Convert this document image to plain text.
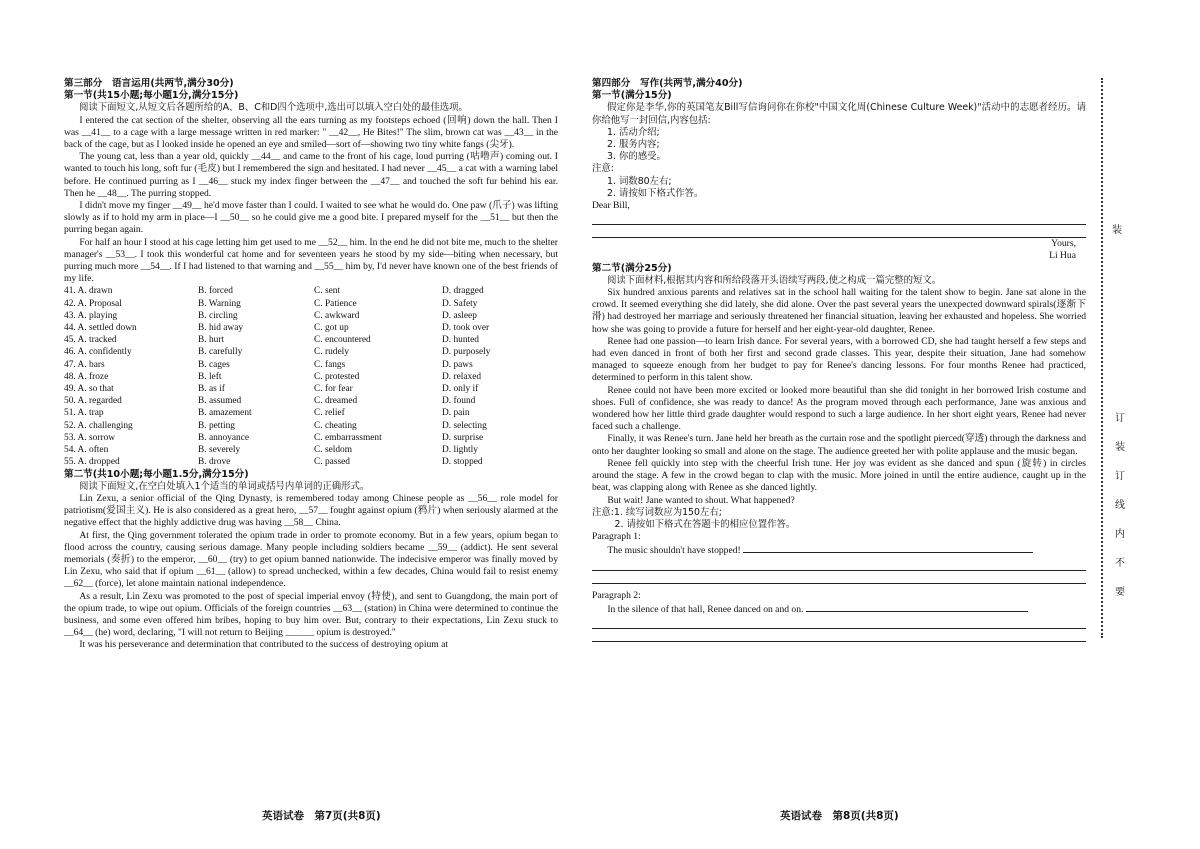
第三部分　语言运用(共两节,满分30分)

第一节(共15小题;每小题1分,满分15分)

阅读下面短文,从短文后各题所给的A、B、C和D四个选项中,选出可以填入空白处的最佳选项。

I entered the cat section of the shelter, observing all the ears turning as my footsteps echoed (回响) down the hall. Then I was __41__ to a cage with a large message written in red marker: " __42__, He Bites!" The slim, brown cat was __43__ in the back of the cage, but as I looked inside he opened an eye and smiled—sort of—showing two tiny white fangs (尖牙).

The young cat, less than a year old, quickly __44__ and came to the front of his cage, loud purring (咕噜声) coming out. I wanted to touch his long, soft fur (毛皮) but I remembered the sign and hesitated. I had never __45__ a cat with a warning label before. He continued purring as I __46__ stuck my index finger between the __47__ and touched the soft fur behind his ear. Then he __48__. The purring stopped.

I didn't move my finger __49__ he'd move faster than I could. I waited to see what he would do. One paw (爪子) was lifting slowly as if to hold my arm in place—I __50__ so he could give me a good bite. I prepared myself for the __51__ but then the purring began again.

For half an hour I stood at his cage letting him get used to me __52__ him. In the end he did not bite me, much to the shelter manager's __53__. I took this wonderful cat home and for seventeen years he stood by my side—biting when necessary, but purring much more __54__. If I had listened to that warning and __55__ him by, I'd never have known one of the best friends of my life.

41. A. drawn	B. forced	C. sent	D. dragged
42. A. Proposal	B. Warning	C. Patience	D. Safety
43. A. playing	B. circling	C. awkward	D. asleep
44. A. settled down	B. hid away	C. got up	D. took over
45. A. tracked	B. hurt	C. encountered	D. hunted
46. A. confidently	B. carefully	C. rudely	D. purposely
47. A. bars	B. cages	C. fangs	D. paws
48. A. froze	B. left	C. protested	D. relaxed
49. A. so that	B. as if	C. for fear	D. only if
50. A. regarded	B. assumed	C. dreamed	D. found
51. A. trap	B. amazement	C. relief	D. pain
52. A. challenging	B. petting	C. cheating	D. selecting
53. A. sorrow	B. annoyance	C. embarrassment	D. surprise
54. A. often	B. severely	C. seldom	D. lightly
55. A. dropped	B. drove	C. passed	D. stopped

第二节(共10小题;每小题1.5分,满分15分)

阅读下面短文,在空白处填入1个适当的单词或括号内单词的正确形式。

Lin Zexu, a senior official of the Qing Dynasty, is remembered today among Chinese people as __56__ role model for patriotism(爱国主义). He is also considered as a great hero, __57__ fought against opium (鸦片) when seriously alarmed at the negative effect that the highly addictive drug was having __58__ China.

At first, the Qing government tolerated the opium trade in order to promote economy. But in a few years, opium began to flood across the country, causing serious damage. Many people including soldiers became __59__ (addict). He sent several memorials (奏折) to the emperor, __60__ (try) to get opium banned nationwide. The indecisive emperor was finally moved by Lin Zexu, who said that if opium __61__ (allow) to spread unchecked, within a few decades, China would fail to resist enemy __62__ (force), let alone maintain national independence.

As a result, Lin Zexu was promoted to the post of special imperial envoy (特使), and sent to Guangdong, the main port of the opium trade, to wipe out opium. Officials of the foreign countries __63__ (station) in China were determined to continue the business, and some even offered him bribes, hoping to buy him over. But, contrary to their expectations, Lin Zexu stuck to __64__ (he) word, declaring, "I will not return to Beijing ______ opium is destroyed."

It was his perseverance and determination that contributed to the success of destroying opium at

英语试卷　第7页(共8页)

第四部分　写作(共两节,满分40分)

第一节(满分15分)

假定你是李华,你的英国笔友Bill写信询问你在你校"中国文化周(Chinese Culture Week)"活动中的志愿者经历。请你给他写一封回信,内容包括:

1. 活动介绍;

2. 服务内容;

3. 你的感受。

注意:

1. 词数80左右;

2. 请按如下格式作答。

Dear Bill,

Yours,

Li Hua

第二节(满分25分)

阅读下面材料,根据其内容和所给段落开头语续写两段,使之构成一篇完整的短文。

Six hundred anxious parents and relatives sat in the school hall waiting for the talent show to begin. Jane sat alone in the crowd. It seemed everything she did lately, she did alone. Over the past several years the unexpected downward spirals(逐渐下滑) had destroyed her marriage and seriously threatened her financial situation, leaving her exhausted and hopeless. She worried how she was going to provide a future for herself and her eight-year-old daughter, Renee.

Renee had one passion—to learn Irish dance. For several years, with a borrowed CD, she had taught herself a few steps and had even danced in front of both her first and second grade classes. This year, despite their situation, Jane had somehow managed to squeeze enough from her budget to pay for Renee's dancing lessons. For four months Renee had practiced, determined to perform in this talent show.

Renee could not have been more excited or looked more beautiful than she did tonight in her borrowed Irish costume and shoes. Full of confidence, she was ready to dance! As the program moved through each performance, Jane was anxious and wondered how her little third grade daughter would respond to such a large audience. In her short eight years, Renee had never faced such a challenge.

Finally, it was Renee's turn. Jane held her breath as the curtain rose and the spotlight pierced(穿透) through the darkness and onto her daughter looking so small and alone on the stage. The audience greeted her with polite applause and the music began.

Renee fell quickly into step with the cheerful Irish tune. Her joy was evident as she danced and spun (旋转) in circles around the stage. A few in the crowd began to clap with the music. More joined in until the entire audience, caught up in the beat, was clapping along with Renee as she danced lightly.

But wait! Jane wanted to shout. What happened?

注意:1. 续写词数应为150左右;

2. 请按如下格式在答题卡的相应位置作答。

Paragraph 1:

The music shouldn't have stopped!

Paragraph 2:

In the silence of that hall, Renee danced on and on.

英语试卷　第8页(共8页)
装
订装订线内不要
